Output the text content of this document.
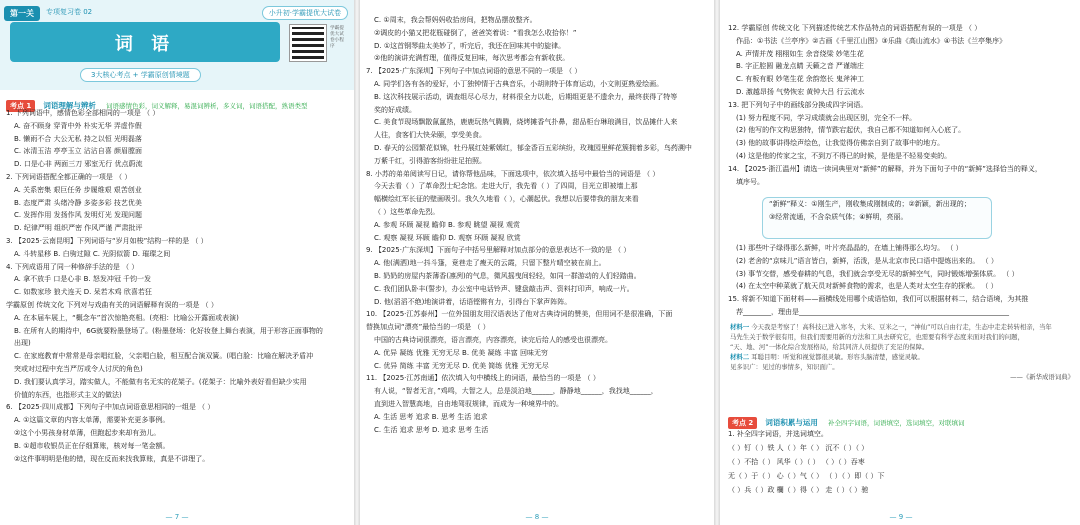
第一关	专项复习卷 02	小升初·学霸提优大试卷
词 语
学霸提优大试卷小程序
3大核心考点 + 学霸原创情境题
考点 1 词语理解与辨析 词语感情色彩，词义解释，易混词辨析，多义词，词语搭配，熟语类型
1. 下列词语中，感情色彩全部相同的一项是 （ ）
A. 奋不顾身 穿背中外 朴实无华 弄虚作假
B. 懒雨不合 大公无私 持之以恒 光明磊落
C. 冰清玉洁 亭亭玉立 沾沾自喜 颜眉膛面
D. 口是心非 两面三刀 邪室无行 优点蔚流
2. 下列词语搭配全都正确的一项是 （ ）
A. 关系密集 艰巨任务 步履维艰 艰苦创业
B. 态度严肃 头绪冷静 多姿多彩 技艺优美
C. 发挥作用 发扬作风 发明灯光 发现问题
D. 纪律严明 组织严密 作风严谨 严肃批评
3. 【2025·云南昆明】下列词语与“岁月如梭”结构一样的是 （ ）
A. 斗转星移 B. 白驹过隙 C. 光阴似箭 D. 璀璨之间
4. 下列成语用了同一种修辞手法的是 （ ）
A. 拿不放手 口是心非 B. 怒发冲冠 千钧一发
C. 如数家珍 狼犬连天 D. 呆若木鸡 欣喜若狂
学霸原创 传统文化 下列对与戏曲有关的词语解释有误的一项是 （ ）
A. 在本届车展上，“概念车”首次惊艳亮相。(亮相：比喻公开露面或表演)
B. 在所有人的期待中，6G就要粉墨登场了。(粉墨登场：化好妆登上舞台表演，用于形容正面事物的
出现)
C. 在家庭教育中常常是母亲唱红脸，父亲唱白脸，相互配合演双簧。(唱白脸：比喻在解决矛盾冲
突或对过程中充当严厉或令人讨厌的角色)
D. 我们要认真学习，踏实做人，不能做有名无实的花架子。(花架子：比喻外表好看但缺少实用
价值的东西，也指形式主义的做法)
6. 【2025·四川成都】下列句子中加点词语意思相同的一组是 （ ）
A. ①这篇文章的内容太单薄，需要补充更多事例。
②这个小男孩身材单薄，但跑起步来却有劲儿。
B. ①超市收银员正在仔细算账，核对每一笔金额。
②这件事明明是他的错，现在反而来找我算账，真是不讲理了。
— 7 —
C. ①周末，我会帮妈妈收拾房间，把物品摆放整齐。
②调皮的小猫又把花瓶碰倒了，爸爸笑着说：“看我怎么收拾你！”
D. ①这首钢琴曲太美妙了，听完后，我还在回味其中的旋律。
②他的演讲充满哲理，值得反复回味，每次思考都会有新收获。
7. 【2025·广东深圳】下列句子中加点词语的意思不同的一项是 （ ）
A. 同学们各有各的爱好，小丁独钟情于古典音乐，小胡则特于体育运动，小文则更熟爱绘画。
B. 这次科技展示活动，调查组尽心尽力，材料很全力以赴，后期组更是不遗余力，最终获得了特等
奖的好成绩。
C. 美食节现场飘散氤氲热，鹿鹿玩热气腾腾，烧烤摊香气扑鼻，甜品柜台琳琅满目，饮品摊什人来
人往，食客们大快朵颐，享受美食。
D. 春天的公园繁花似锦，牡丹展红娃紫嫣红，郁金香百五彩缤纷，玫瑰园里鲜花簇拥着多彩，鸟药溯中
万紫千红，引得游客纷纷驻足拍照。
8. 小苏的弟弟阅读写日记，请你帮他品味，下面选项中，依次填入括号中最恰当的词语是 （ ）
今天去看（ ）了革命烈士纪念馆。走进大厅，我先看（ ）了四周，目光立即被墙上那
幅横绘红军长征的壁画吸引。我久久地看（ ），心潮起伏。我想以后要带我的朋友来看
（ ）这些革命先烈。
A. 参观 环顾 凝视 瞻仰 B. 参观 眺望 凝视 观赏
C. 观察 凝视 环顾 瞻仰 D. 观察 环顾 凝视 欣赏
9. 【2025·广东深圳】下面句子中括号里解释对加点部分的意思表达不一致的是 （ ）
A. 他(满洒)地一抖斗篷，竟巷走了瘦天的云霞，只留下整片晴空被在肩上。
B. 奶奶的房屋内茶薄香(凛冽)的气息，微风摇曳间轻轻，如同一群游动的人们轻踏曲。
C. 我们团队卧丰(誓步)，办公室中电话铃声、键盘敲击声、资料打印声，响成一片。
D. 他(滔滔不绝)地演讲着，话语铿锵有力，引得台下掌声阵阵。
10. 【2025·江苏泰州】一位外国朋友用汉语表达了他对古典诗词的赞美，但用词不是很准确，下面
替换加点词“漂亮”最恰当的一项是 （ ）
中国的古典诗词很漂亮，语言漂亮，内容漂亮，读完后给人的感受也很漂亮。
A. 优异 凝练 优雅 无穷无尽 B. 优美 凝练 丰富 回味无穷
C. 优异 简练 丰富 无穷无尽 D. 优美 简练 优雅 无穷无尽
11. 【2025·江苏南通】依次填入句中横线上的词语，最恰当的一项是 （ ）
有人说，“智者无言，”鸡鸣，大智之人，总是淡泊地______，静静地______，我找地______，
直到进入智慧高地，自由地驾驭规律，而成为一种境界中的。
A. 生活 思考 追求 B. 思考 生活 追求
C. 生活 追求 思考 D. 追求 思考 生活
— 8 —
12. 学霸原创 传统文化 下列描述传统艺术作品特点的词语搭配有误的一项是 （ ）
作品：①书法《兰亭序》②古画《千里江山图》③乐曲《高山流水》④书法《兰亭集序》
A. 声情并茂 栩栩如生 余音绕梁 妙笔生花
B. 字正腔圆 融龙点睛 天籁之音 严谨端庄
C. 有板有眼 妙笔生花 余韵悠长 鬼斧神工
D. 激越昂扬 气势恢宏 黄钟大吕 行云流水
13. 把下列句子中的画线部分换成四字词语。
(1) 努力程度不同，学习成绩就会出现区别，完全不一样。
(2) 他写的作文构思独特，情节跌宕起伏，我自己都不知道如何入心底了。
(3) 他的故事讲得绘声绘色，让我觉得仿佛亲自到了故事中的地方。
(4) 这是他的传家之宝，不到万不得已的时候，是他是不轻易变卖的。
14. 【2025·浙江温州】请选一读词典里对“新鲜”的解释，并为下面句子中的“新鲜”选择恰当的释义，
填序号。
“新鲜”释义：①刚生产，刚收集成刚制成的；②新颖，新出现的；
③经常流通，不含杂质气体；④鲜明，亮丽。
(1) 那些叶子绿得那么新鲜，叶片亮晶晶的，在墙上铺得那么均匀。 （ ）
(2) 老舍的“京味儿”语言皆白，新鲜，活泼，是从北京市民口语中提炼出来的。 （ ）
(3) 事节交替，感受春耕的气息，我们就会享受无尽的新鲜空气，同时锻炼增强体质。 （ ）
(4) 在太空中种菜就了航天员对新鲜食物的需求，也是人类对太空生存的探索。 （ ）
15. 将新不知道下面材料——画横线处用哪个成语恰如，我们可以根据材料二，结合语境，为其推
荐________，理由是____________________________________________________________
材料一 今天我是考察了！高科技已进入寒冬，大米、豆米之一，“神仙”可以自由行走，生态中走走转转相亲，当年
马先生关于数学很有用，但我们需要用新的方法和工具去研究它，也需要有科学态度来面对我们的问题，
“天、地、河”一体化综合发展格局，给其同济人员提供了充足的保障。
材料二 耳聪目明：听觉和视觉都很灵敏。形容头脑清楚，感觉灵敏。
见多识广：见过的事情多，知识面广。
——《新华成语词典》
考点 2 词语积累与运用 补全四字词语，词语填空，选词填空，对联填词
1. 补全四字词语，并选词填空。
（ ）钉（ ）铁 人（ ）年（ ） 沉不（ ）（ ）
（ ）不拾（ ） 风华（ ）（ ） （ ）（ ）吞枣
无（ ）于（ ） 心（ ）气（ ） （ ）（ ）即（ ）下
（ ）兵（ ）政 欄（ ）得（ ） 走（ ）（ ）驰
— 9 —
